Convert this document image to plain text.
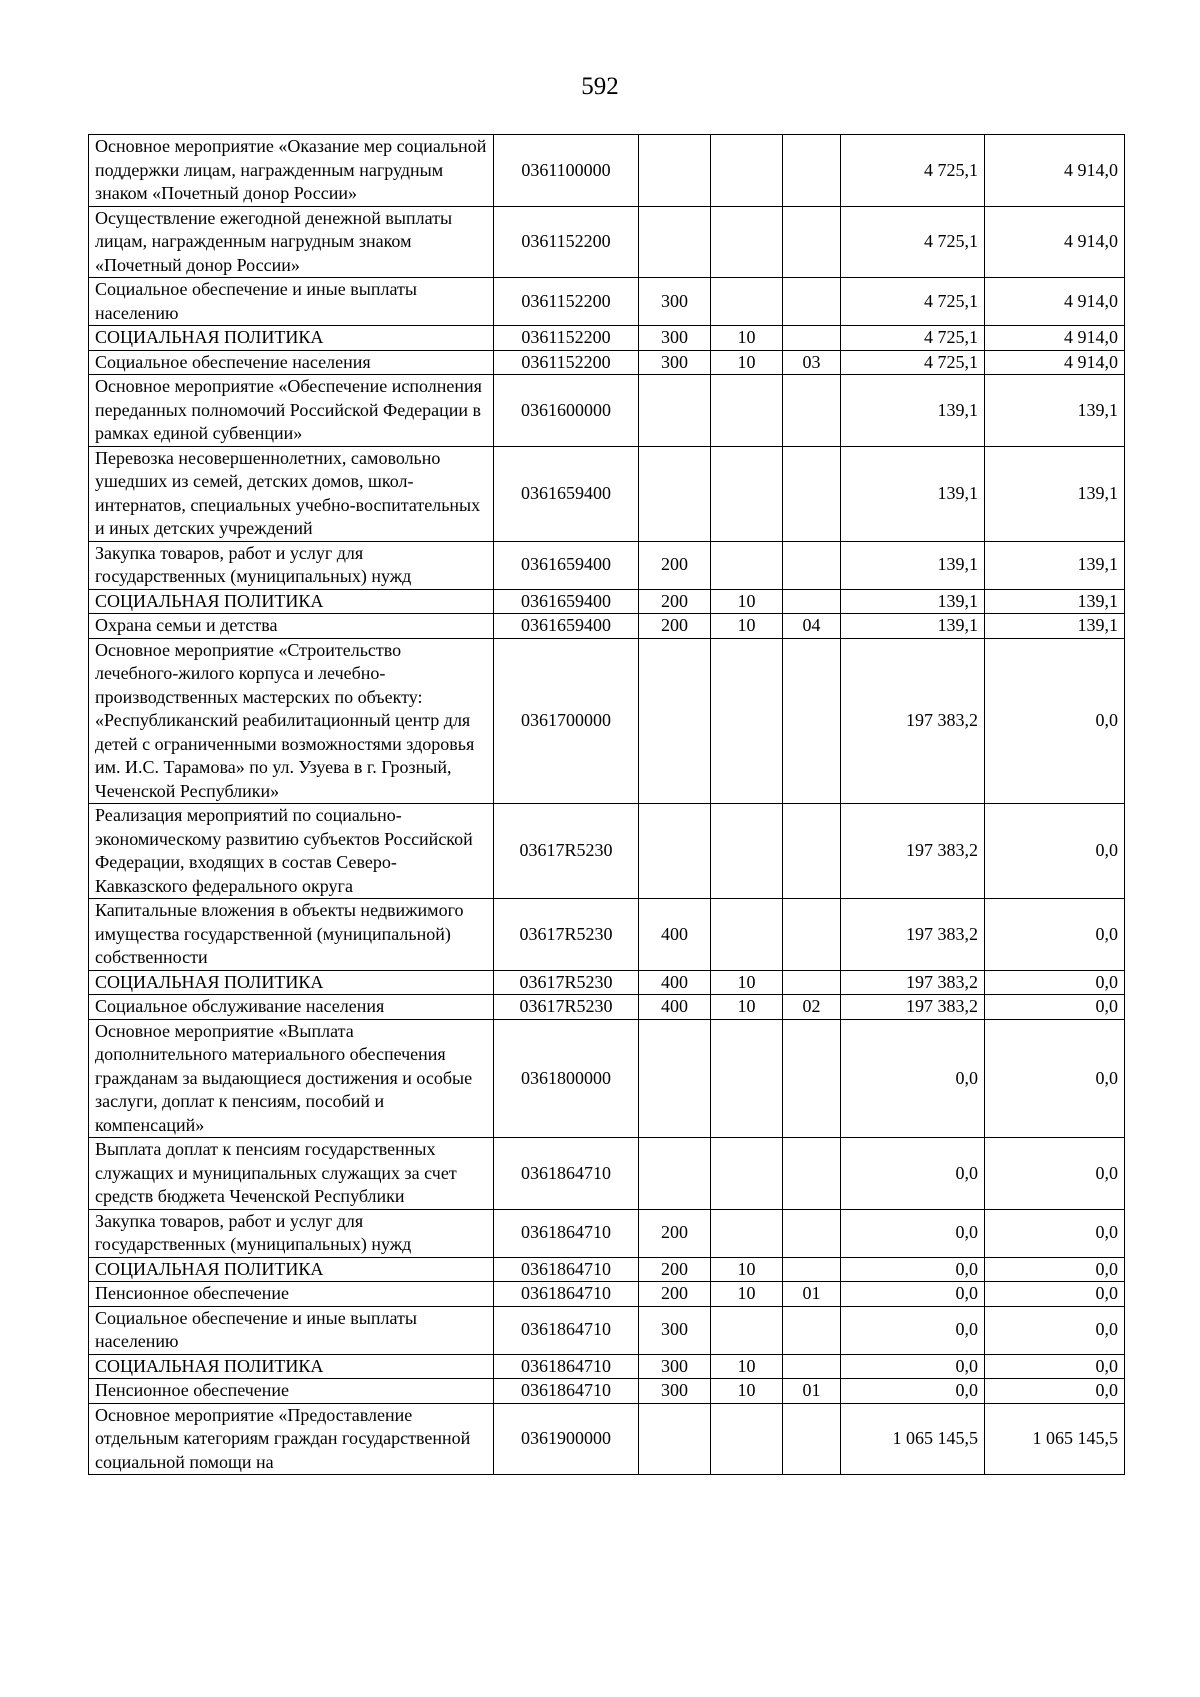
592
Основное мероприятие «Оказание мер социальной поддержки лицам, награжденным нагрудным знаком «Почетный донор России»	0361100000				4 725,1	4 914,0
Осуществление ежегодной денежной выплаты лицам, награжденным нагрудным знаком «Почетный донор России»	0361152200				4 725,1	4 914,0
Социальное обеспечение и иные выплаты населению	0361152200	300			4 725,1	4 914,0
СОЦИАЛЬНАЯ ПОЛИТИКА	0361152200	300	10		4 725,1	4 914,0
Социальное обеспечение населения	0361152200	300	10	03	4 725,1	4 914,0
Основное мероприятие «Обеспечение исполнения переданных полномочий Российской Федерации в рамках единой субвенции»	0361600000				139,1	139,1
Перевозка несовершеннолетних, самовольно ушедших из семей, детских домов, школ-интернатов, специальных учебно-воспитательных и иных детских учреждений	0361659400				139,1	139,1
Закупка товаров, работ и услуг для государственных (муниципальных) нужд	0361659400	200			139,1	139,1
СОЦИАЛЬНАЯ ПОЛИТИКА	0361659400	200	10		139,1	139,1
Охрана семьи и детства	0361659400	200	10	04	139,1	139,1
Основное мероприятие «Строительство лечебного-жилого корпуса и лечебно-производственных мастерских по объекту: «Республиканский реабилитационный центр для детей с ограниченными возможностями здоровья им. И.С. Тарамова» по ул. Узуева в г. Грозный, Чеченской Республики»	0361700000				197 383,2	0,0
Реализация мероприятий по социально-экономическому развитию субъектов Российской Федерации, входящих в состав Северо-Кавказского федерального округа	03617R5230				197 383,2	0,0
Капитальные вложения в объекты недвижимого имущества государственной (муниципальной) собственности	03617R5230	400			197 383,2	0,0
СОЦИАЛЬНАЯ ПОЛИТИКА	03617R5230	400	10		197 383,2	0,0
Социальное обслуживание населения	03617R5230	400	10	02	197 383,2	0,0
Основное мероприятие «Выплата дополнительного материального обеспечения гражданам за выдающиеся достижения и особые заслуги, доплат к пенсиям, пособий и компенсаций»	0361800000				0,0	0,0
Выплата доплат к пенсиям государственных служащих и муниципальных служащих за счет средств бюджета Чеченской Республики	0361864710				0,0	0,0
Закупка товаров, работ и услуг для государственных (муниципальных) нужд	0361864710	200			0,0	0,0
СОЦИАЛЬНАЯ ПОЛИТИКА	0361864710	200	10		0,0	0,0
Пенсионное обеспечение	0361864710	200	10	01	0,0	0,0
Социальное обеспечение и иные выплаты населению	0361864710	300			0,0	0,0
СОЦИАЛЬНАЯ ПОЛИТИКА	0361864710	300	10		0,0	0,0
Пенсионное обеспечение	0361864710	300	10	01	0,0	0,0
Основное мероприятие «Предоставление отдельным категориям граждан государственной социальной помощи на	0361900000				1 065 145,5	1 065 145,5
